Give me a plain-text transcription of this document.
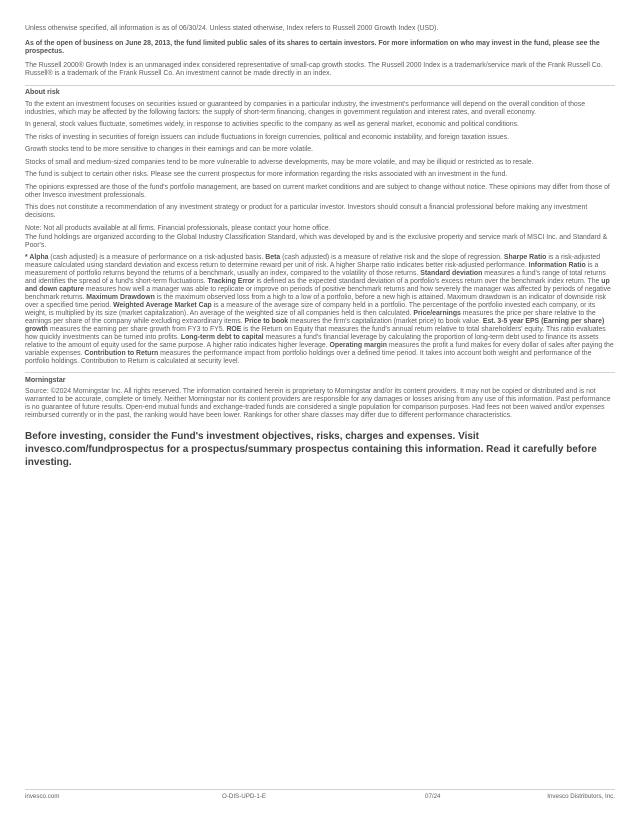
Unless otherwise specified, all information is as of 06/30/24. Unless stated otherwise, Index refers to Russell 2000 Growth Index (USD).

As of the open of business on June 28, 2013, the fund limited public sales of its shares to certain investors. For more information on who may invest in the fund, please see the prospectus.

The Russell 2000® Growth Index is an unmanaged index considered representative of small-cap growth stocks. The Russell 2000 Index is a trademark/service mark of the Frank Russell Co. Russell® is a trademark of the Frank Russell Co. An investment cannot be made directly in an index.

About risk

To the extent an investment focuses on securities issued or guaranteed by companies in a particular industry, the investment's performance will depend on the overall condition of those industries, which may be affected by the following factors: the supply of short-term financing, changes in government regulation and interest rates, and overall economy.

In general, stock values fluctuate, sometimes widely, in response to activities specific to the company as well as general market, economic and political conditions.

The risks of investing in securities of foreign issuers can include fluctuations in foreign currencies, political and economic instability, and foreign taxation issues.

Growth stocks tend to be more sensitive to changes in their earnings and can be more volatile.

Stocks of small and medium-sized companies tend to be more vulnerable to adverse developments, may be more volatile, and may be illiquid or restricted as to resale.

The fund is subject to certain other risks. Please see the current prospectus for more information regarding the risks associated with an investment in the fund.

The opinions expressed are those of the fund's portfolio management, are based on current market conditions and are subject to change without notice. These opinions may differ from those of other Invesco investment professionals.

This does not constitute a recommendation of any investment strategy or product for a particular investor. Investors should consult a financial professional before making any investment decisions.

Note: Not all products available at all firms. Financial professionals, please contact your home office.

The fund holdings are organized according to the Global Industry Classification Standard, which was developed by and is the exclusive property and service mark of MSCI Inc. and Standard & Poor's.

* Alpha (cash adjusted) is a measure of performance on a risk-adjusted basis. Beta (cash adjusted) is a measure of relative risk and the slope of regression. Sharpe Ratio is a risk-adjusted measure calculated using standard deviation and excess return to determine reward per unit of risk. A higher Sharpe ratio indicates better risk-adjusted performance. Information Ratio is a measurement of portfolio returns beyond the returns of a benchmark, usually an index, compared to the volatility of those returns. Standard deviation measures a fund's range of total returns and identifies the spread of a fund's short-term fluctuations. Tracking Error is defined as the expected standard deviation of a portfolio's excess return over the benchmark index return. The up and down capture measures how well a manager was able to replicate or improve on periods of positive benchmark returns and how severely the manager was affected by periods of negative benchmark returns. Maximum Drawdown is the maximum observed loss from a high to a low of a portfolio, before a new high is attained. Maximum drawdown is an indicator of downside risk over a specified time period. Weighted Average Market Cap is a measure of the average size of company held in a portfolio. The percentage of the portfolio invested each company, or its weight, is multiplied by its size (market capitalization). An average of the weighted size of all companies held is then calculated. Price/earnings measures the price per share relative to the earnings per share of the company while excluding extraordinary items. Price to book measures the firm's capitalization (market price) to book value. Est. 3-5 year EPS (Earning per share) growth measures the earning per share growth from FY3 to FY5. ROE is the Return on Equity that measures the fund's annual return relative to total shareholders' equity. This ratio evaluates how quickly investments can be turned into profits. Long-term debt to capital measures a fund's financial leverage by calculating the proportion of long-term debt used to finance its assets relative to the amount of equity used for the same purpose. A higher ratio indicates higher leverage. Operating margin measures the profit a fund makes for every dollar of sales after paying the variable expenses. Contribution to Return measures the performance impact from portfolio holdings over a defined time period. It takes into account both weight and performance of the portfolio holdings. Contribution to Return is calculated at security level.

Morningstar

Source: ©2024 Morningstar Inc. All rights reserved. The information contained herein is proprietary to Morningstar and/or its content providers. It may not be copied or distributed and is not warranted to be accurate, complete or timely. Neither Morningstar nor its content providers are responsible for any damages or losses arising from any use of this information. Past performance is no guarantee of future results. Open-end mutual funds and exchange-traded funds are considered a single population for comparison purposes. Had fees not been waived and/or expenses reimbursed currently or in the past, the ranking would have been lower. Rankings for other share classes may differ due to different performance characteristics.

Before investing, consider the Fund's investment objectives, risks, charges and expenses. Visit invesco.com/fundprospectus for a prospectus/summary prospectus containing this information. Read it carefully before investing.

invesco.com	O-DIS-UPD-1-E	07/24	Invesco Distributors, Inc.
